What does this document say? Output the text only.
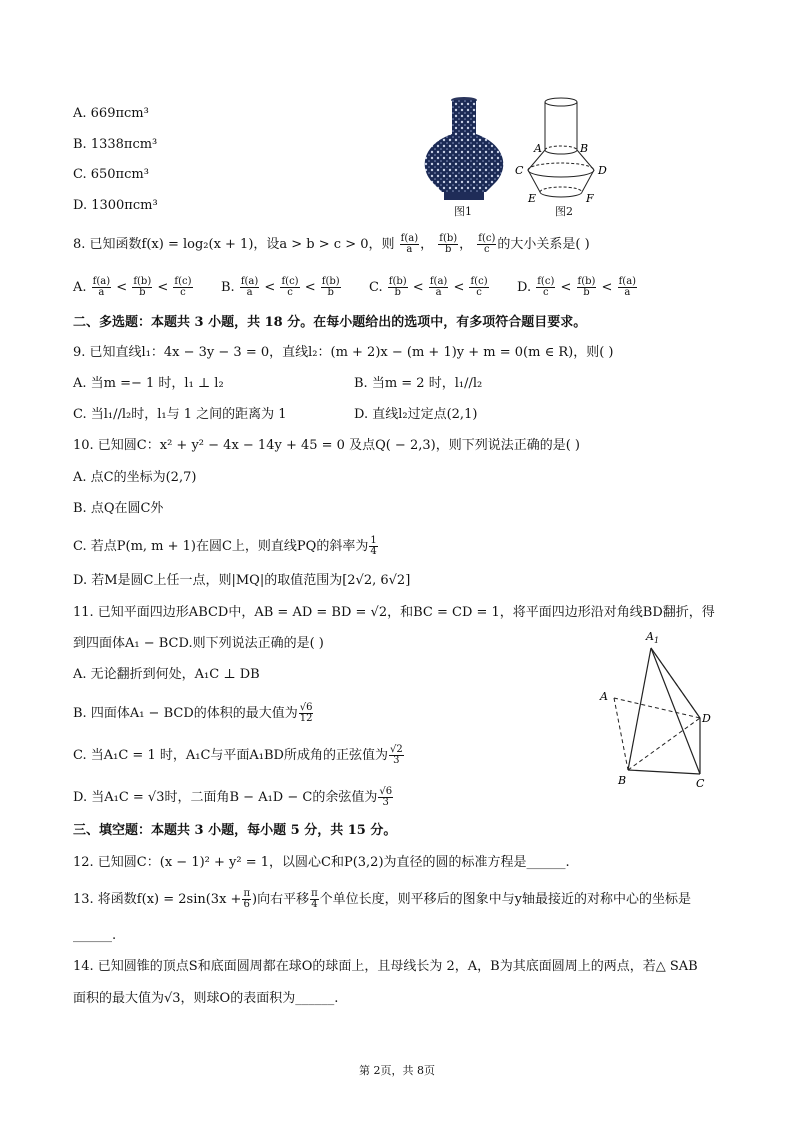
A. 669πcm³
B. 1338πcm³
C. 650πcm³
D. 1300πcm³	图1
A	B
C	D
E	F
图2
8. 已知函数f(x) = log₂(x + 1)，设a > b > c > 0，则 $\frac{f(a)}{a}$ ， $\frac{f(b)}{b}$ ， $\frac{f(c)}{c}$ 的大小关系是( )
A. $\frac{f(a)}{a} < \frac{f(b)}{b} < \frac{f(c)}{c} B$. $\frac{f(a)}{a} < \frac{f(c)}{c} < \frac{f(b)}{b} C$. $\frac{f(b)}{b} < \frac{f(a)}{a} < \frac{f(c)}{c} D$. $\frac{f(c)}{c} < \frac{f(b)}{b} < \frac{f(a)}{a}$
二、多选题：本题共 3 小题，共 18 分。在每小题给出的选项中，有多项符合题目要求。
9. 已知直线l₁：4x − 3y − 3 = 0，直线l₂：(m + 2)x − (m + 1)y + m = 0(m ∈ R)，则( )
A. 当m =− 1 时，l₁ ⊥ l₂	B. 当m = 2 时，l₁//l₂
C. 当l₁//l₂时，l₁与 1 之间的距离为 1	D. 直线l₂过定点(2,1)
10. 已知圆C：x² + y² − 4x − 14y + 45 = 0 及点Q( − 2,3)，则下列说法正确的是( )
A. 点C的坐标为(2,7)
B. 点Q在圆C外
C. 若点P(m, m + 1)在圆C上，则直线PQ的斜率为 $\frac{1}{4}$
D. 若M是圆C上任一点，则|MQ|的取值范围为[2√2, 6√2]
11. 已知平面四边形ABCD中，AB = AD = BD = √2，和BC = CD = 1，将平面四边形沿对角线BD翻折，得
到四面体A₁ − BCD.则下列说法正确的是( )
A. 无论翻折到何处，A₁C ⊥ DB
B. 四面体A₁ − BCD的体积的最大值为 $\frac{√6}{12}$
C. 当A₁C = 1 时，A₁C与平面A₁BD所成角的正弦值为 $\frac{√2}{3}$
D. 当A₁C = √3时，二面角B − A₁D − C的余弦值为 $\frac{√6}{3}$
$A_1$
A
D
B	C
三、填空题：本题共 3 小题，每小题 5 分，共 15 分。
12. 已知圆C：(x − 1)² + y² = 1，以圆心C和P(3,2)为直径的圆的标准方程是______.
13. 将函数$f(x) = 2\sin(3x + \frac{\pi}{6}$ )向右平移 $\frac{\pi}{4}$ 个单位长度，则平移后的图象中与y轴最接近的对称中心的坐标是
______.
14. 已知圆锥的顶点S和底面圆周都在球O的球面上，且母线长为 2，A，B为其底面圆周上的两点，若△ SAB
面积的最大值为√3，则球O的表面积为______.
第 2页，共 8页
